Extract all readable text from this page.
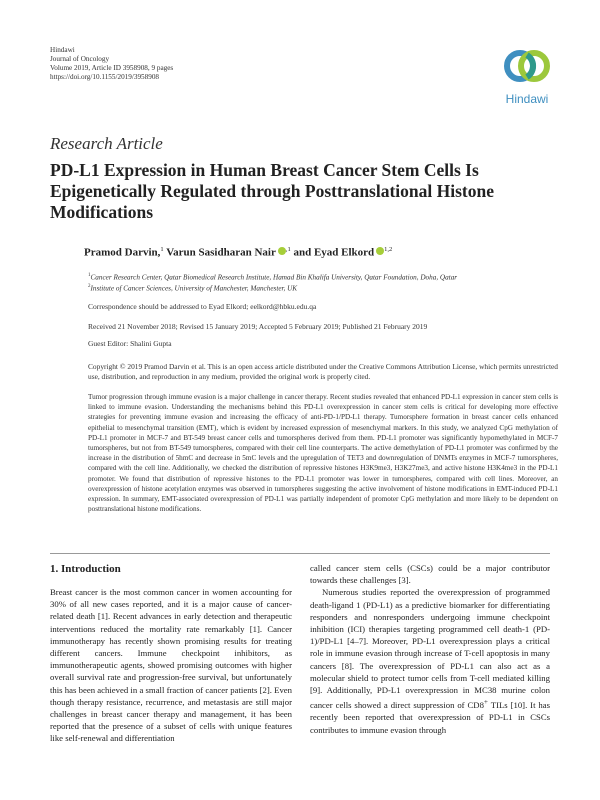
Hindawi
Journal of Oncology
Volume 2019, Article ID 3958908, 9 pages
https://doi.org/10.1155/2019/3958908
Hindawi
Research Article
PD-L1 Expression in Human Breast Cancer Stem Cells Is Epigenetically Regulated through Posttranslational Histone Modifications
Pramod Darvin,$^1$ Varun Sasidharan Nair $^{,1}$ and Eyad Elkord $^{1,2}$
$^1$Cancer Research Center, Qatar Biomedical Research Institute, Hamad Bin Khalifa University, Qatar Foundation, Doha, Qatar
$^2$Institute of Cancer Sciences, University of Manchester, Manchester, UK
Correspondence should be addressed to Eyad Elkord; eelkord@hbku.edu.qa
Received 21 November 2018; Revised 15 January 2019; Accepted 5 February 2019; Published 21 February 2019
Guest Editor: Shalini Gupta
Copyright © 2019 Pramod Darvin et al. This is an open access article distributed under the Creative Commons Attribution License, which permits unrestricted use, distribution, and reproduction in any medium, provided the original work is properly cited.
Tumor progression through immune evasion is a major challenge in cancer therapy. Recent studies revealed that enhanced PD-L1 expression in cancer stem cells is linked to immune evasion. Understanding the mechanisms behind this PD-L1 overexpression in cancer stem cells is critical for developing more effective strategies for preventing immune evasion and increasing the efficacy of anti-PD-1/PD-L1 therapy. Tumorsphere formation in breast cancer cells enhanced epithelial to mesenchymal transition (EMT), which is evident by increased expression of mesenchymal markers. In this study, we analyzed CpG methylation of PD-L1 promoter in MCF-7 and BT-549 breast cancer cells and tumorspheres derived from them. PD-L1 promoter was significantly hypomethylated in MCF-7 tumorspheres, but not from BT-549 tumorspheres, compared with their cell line counterparts. The active demethylation of PD-L1 promoter was confirmed by the increase in the distribution of 5hmC and decrease in 5mC levels and the upregulation of TET3 and downregulation of DNMTs enzymes in MCF-7 tumorspheres, compared with the cell line. Additionally, we checked the distribution of repressive histones H3K9me3, H3K27me3, and active histone H3K4me3 in the PD-L1 promoter. We found that distribution of repressive histones to the PD-L1 promoter was lower in tumorspheres, compared with cell lines. Moreover, an overexpression of histone acetylation enzymes was observed in tumorspheres suggesting the active involvement of histone modifications in EMT-induced PD-L1 expression. In summary, EMT-associated overexpression of PD-L1 was partially independent of promoter CpG methylation and more likely to be dependent on posttranslational histone modifications.
1. Introduction

Breast cancer is the most common cancer in women accounting for 30% of all new cases reported, and it is a major cause of cancer-related death [1]. Recent advances in early detection and therapeutic interventions reduced the mortality rate remarkably [1]. Cancer immunotherapy has recently shown promising results for treating different cancers. Immune checkpoint inhibitors, as immunotherapeutic agents, showed promising outcomes with higher overall survival rate and progression-free survival, but unfortunately this has been achieved in a small fraction of cancer patients [2]. Even though therapy resistance, recurrence, and metastasis are still major challenges in breast cancer therapy and management, it has been reported that the presence of a subset of cells with unique features like self-renewal and differentiation

called cancer stem cells (CSCs) could be a major contributor towards these challenges [3].

Numerous studies reported the overexpression of programmed death-ligand 1 (PD-L1) as a predictive biomarker for differentiating responders and nonresponders undergoing immune checkpoint inhibition (ICI) therapies targeting programmed cell death-1 (PD-1)/PD-L1 [4–7]. Moreover, PD-L1 overexpression plays a critical role in immune evasion through increase of T-cell apoptosis in many cancers [8]. The overexpression of PD-L1 can also act as a molecular shield to protect tumor cells from T-cell mediated killing [9]. Additionally, PD-L1 overexpression in MC38 murine colon cancer cells showed a direct suppression of CD8+ TILs [10]. It has recently been reported that overexpression of PD-L1 in CSCs contributes to immune evasion through
